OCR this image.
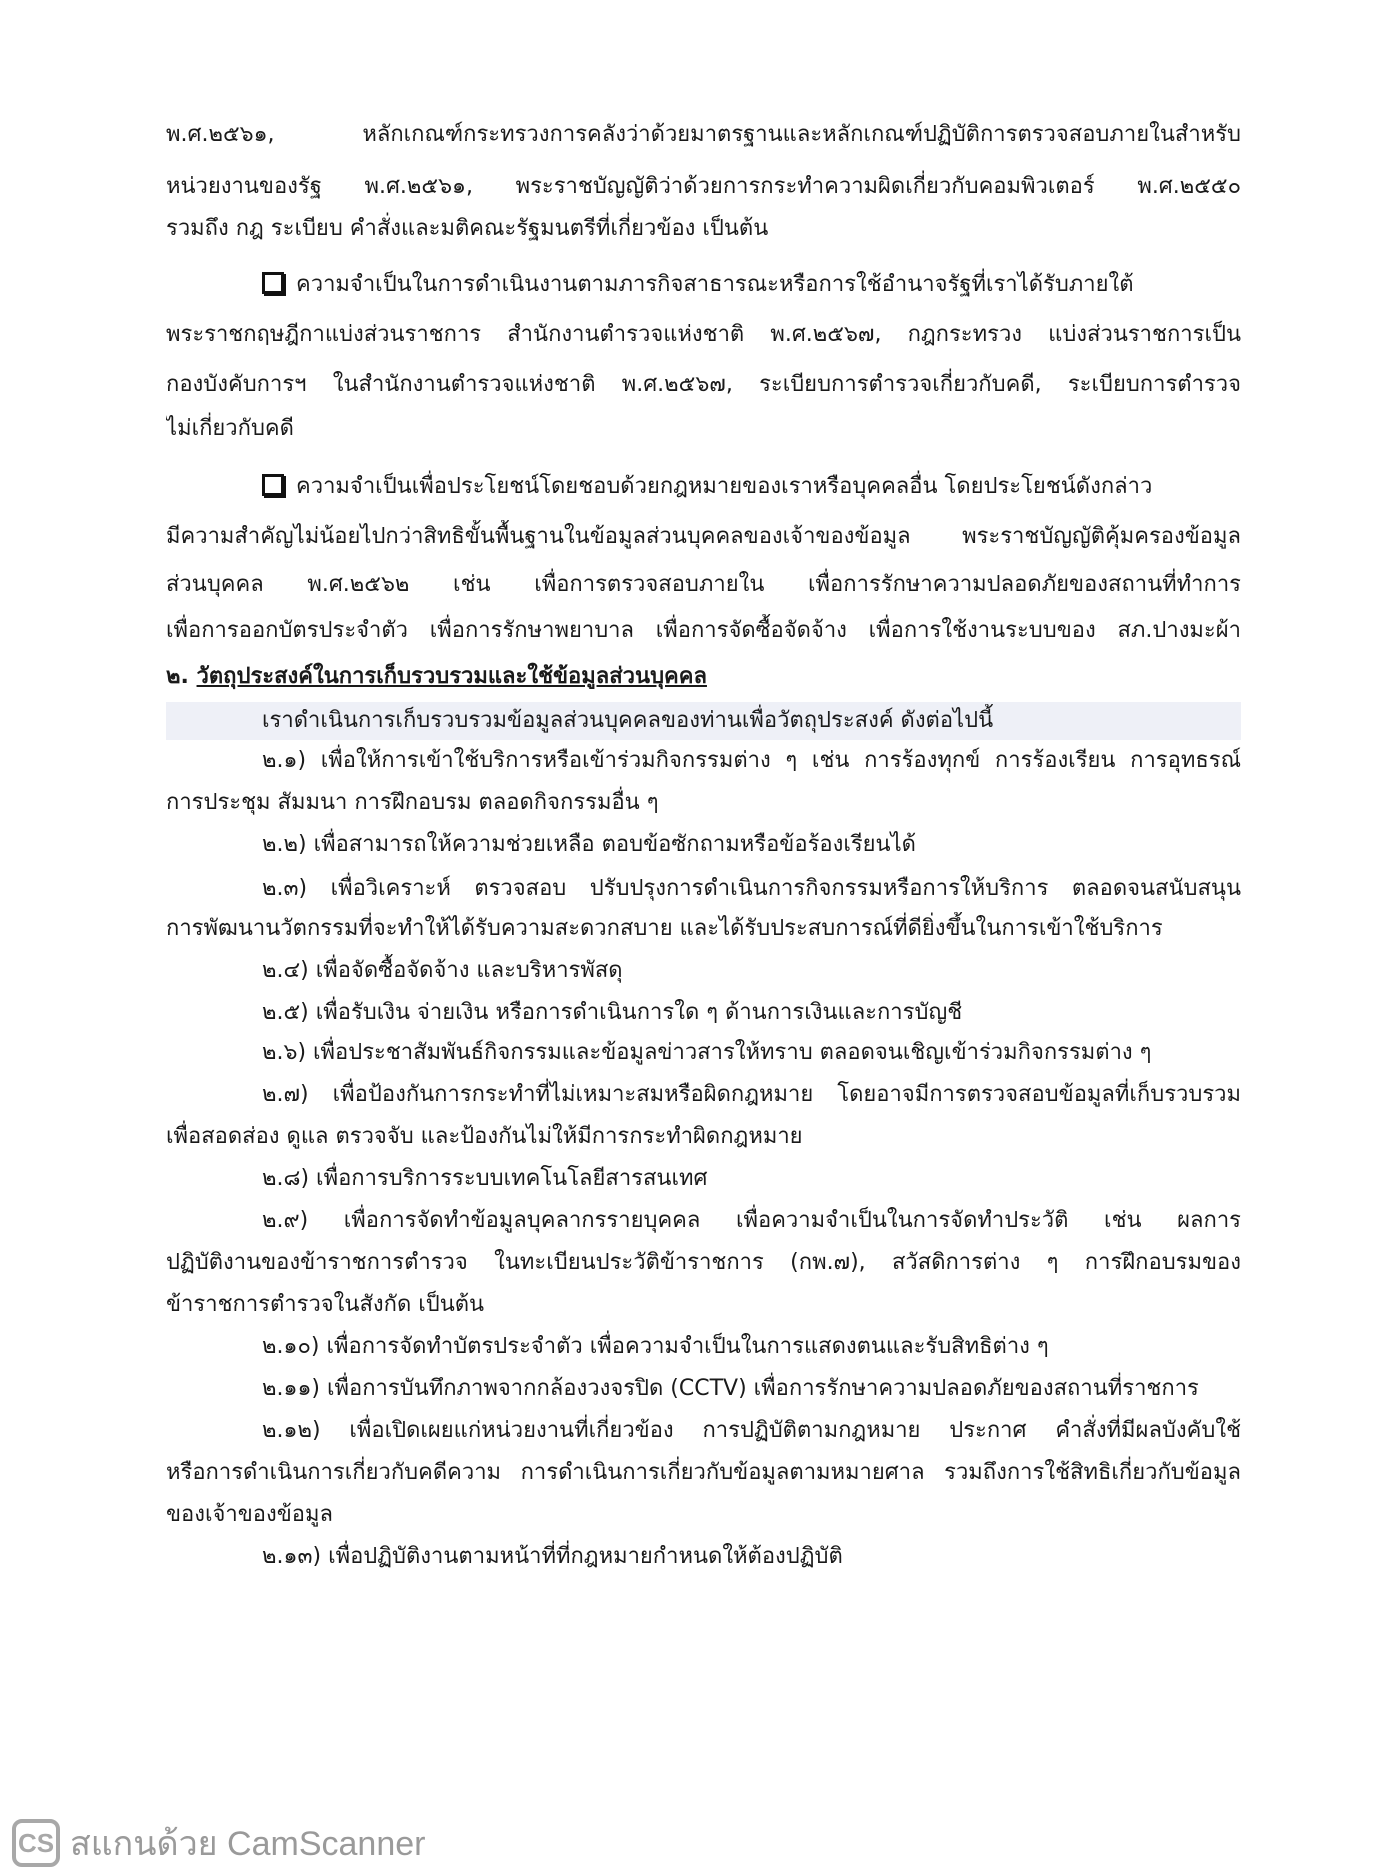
พ.ศ.๒๕๖๑, หลักเกณฑ์กระทรวงการคลังว่าด้วยมาตรฐานและหลักเกณฑ์ปฏิบัติการตรวจสอบภายในสำหรับ
หน่วยงานของรัฐ พ.ศ.๒๕๖๑, พระราชบัญญัติว่าด้วยการกระทำความผิดเกี่ยวกับคอมพิวเตอร์ พ.ศ.๒๕๕๐
รวมถึง กฎ ระเบียบ คำสั่งและมติคณะรัฐมนตรีที่เกี่ยวข้อง เป็นต้น
ความจำเป็นในการดำเนินงานตามภารกิจสาธารณะหรือการใช้อำนาจรัฐที่เราได้รับภายใต้
พระราชกฤษฎีกาแบ่งส่วนราชการ สำนักงานตำรวจแห่งชาติ พ.ศ.๒๕๖๗, กฎกระทรวง แบ่งส่วนราชการเป็น
กองบังคับการฯ ในสำนักงานตำรวจแห่งชาติ พ.ศ.๒๕๖๗, ระเบียบการตำรวจเกี่ยวกับคดี, ระเบียบการตำรวจ
ไม่เกี่ยวกับคดี
ความจำเป็นเพื่อประโยชน์โดยชอบด้วยกฎหมายของเราหรือบุคคลอื่น โดยประโยชน์ดังกล่าว
มีความสำคัญไม่น้อยไปกว่าสิทธิขั้นพื้นฐานในข้อมูลส่วนบุคคลของเจ้าของข้อมูล พระราชบัญญัติคุ้มครองข้อมูล
ส่วนบุคคล พ.ศ.๒๕๖๒ เช่น เพื่อการตรวจสอบภายใน เพื่อการรักษาความปลอดภัยของสถานที่ทำการ
เพื่อการออกบัตรประจำตัว เพื่อการรักษาพยาบาล เพื่อการจัดซื้อจัดจ้าง เพื่อการใช้งานระบบของ สภ.ปางมะผ้า
๒. วัตถุประสงค์ในการเก็บรวบรวมและใช้ข้อมูลส่วนบุคคล
เราดำเนินการเก็บรวบรวมข้อมูลส่วนบุคคลของท่านเพื่อวัตถุประสงค์ ดังต่อไปนี้
๒.๑) เพื่อให้การเข้าใช้บริการหรือเข้าร่วมกิจกรรมต่าง ๆ เช่น การร้องทุกข์ การร้องเรียน การอุทธรณ์
การประชุม สัมมนา การฝึกอบรม ตลอดกิจกรรมอื่น ๆ
๒.๒) เพื่อสามารถให้ความช่วยเหลือ ตอบข้อซักถามหรือข้อร้องเรียนได้
๒.๓) เพื่อวิเคราะห์ ตรวจสอบ ปรับปรุงการดำเนินการกิจกรรมหรือการให้บริการ ตลอดจนสนับสนุน
การพัฒนานวัตกรรมที่จะทำให้ได้รับความสะดวกสบาย และได้รับประสบการณ์ที่ดียิ่งขึ้นในการเข้าใช้บริการ
๒.๔) เพื่อจัดซื้อจัดจ้าง และบริหารพัสดุ
๒.๕) เพื่อรับเงิน จ่ายเงิน หรือการดำเนินการใด ๆ ด้านการเงินและการบัญชี
๒.๖) เพื่อประชาสัมพันธ์กิจกรรมและข้อมูลข่าวสารให้ทราบ ตลอดจนเชิญเข้าร่วมกิจกรรมต่าง ๆ
๒.๗) เพื่อป้องกันการกระทำที่ไม่เหมาะสมหรือผิดกฎหมาย โดยอาจมีการตรวจสอบข้อมูลที่เก็บรวบรวม
เพื่อสอดส่อง ดูแล ตรวจจับ และป้องกันไม่ให้มีการกระทำผิดกฎหมาย
๒.๘) เพื่อการบริการระบบเทคโนโลยีสารสนเทศ
๒.๙) เพื่อการจัดทำข้อมูลบุคลากรรายบุคคล เพื่อความจำเป็นในการจัดทำประวัติ เช่น ผลการ
ปฏิบัติงานของข้าราชการตำรวจ ในทะเบียนประวัติข้าราชการ (กพ.๗), สวัสดิการต่าง ๆ การฝึกอบรมของ
ข้าราชการตำรวจในสังกัด เป็นต้น
๒.๑๐) เพื่อการจัดทำบัตรประจำตัว เพื่อความจำเป็นในการแสดงตนและรับสิทธิต่าง ๆ
๒.๑๑) เพื่อการบันทึกภาพจากกล้องวงจรปิด (CCTV) เพื่อการรักษาความปลอดภัยของสถานที่ราชการ
๒.๑๒) เพื่อเปิดเผยแก่หน่วยงานที่เกี่ยวข้อง การปฏิบัติตามกฎหมาย ประกาศ คำสั่งที่มีผลบังคับใช้
หรือการดำเนินการเกี่ยวกับคดีความ การดำเนินการเกี่ยวกับข้อมูลตามหมายศาล รวมถึงการใช้สิทธิเกี่ยวกับข้อมูล
ของเจ้าของข้อมูล
๒.๑๓) เพื่อปฏิบัติงานตามหน้าที่ที่กฎหมายกำหนดให้ต้องปฏิบัติ
CS สแกนด้วย CamScanner
